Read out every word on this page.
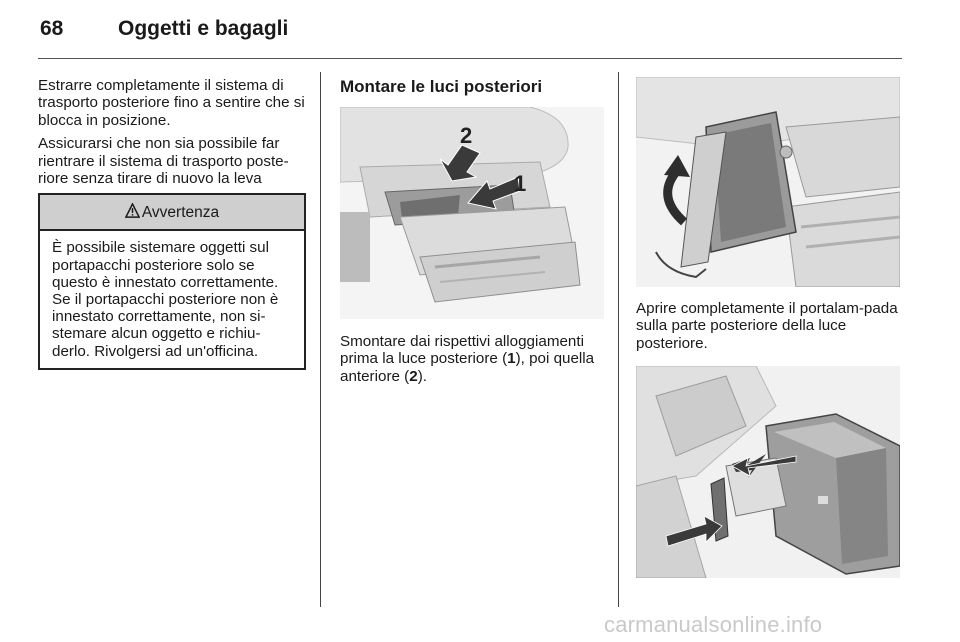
68	Oggetti e bagagli

Estrarre completamente il sistema di trasporto posteriore fino a sentire che si blocca in posizione.

Assicurarsi che non sia possibile far rientrare il sistema di trasporto poste-riore senza tirare di nuovo la leva

Avvertenza
È possibile sistemare oggetti sul portapacchi posteriore solo se questo è innestato correttamente. Se il portapacchi posteriore non è innestato correttamente, non si-stemare alcun oggetto e richiu-derlo. Rivolgersi ad un'officina.
Montare le luci posteriori
2
1

Smontare dai rispettivi alloggiamenti prima la luce posteriore (1), poi quella anteriore (2).

Aprire completamente il portalam-pada sulla parte posteriore della luce posteriore.

carmanualsonline.info
